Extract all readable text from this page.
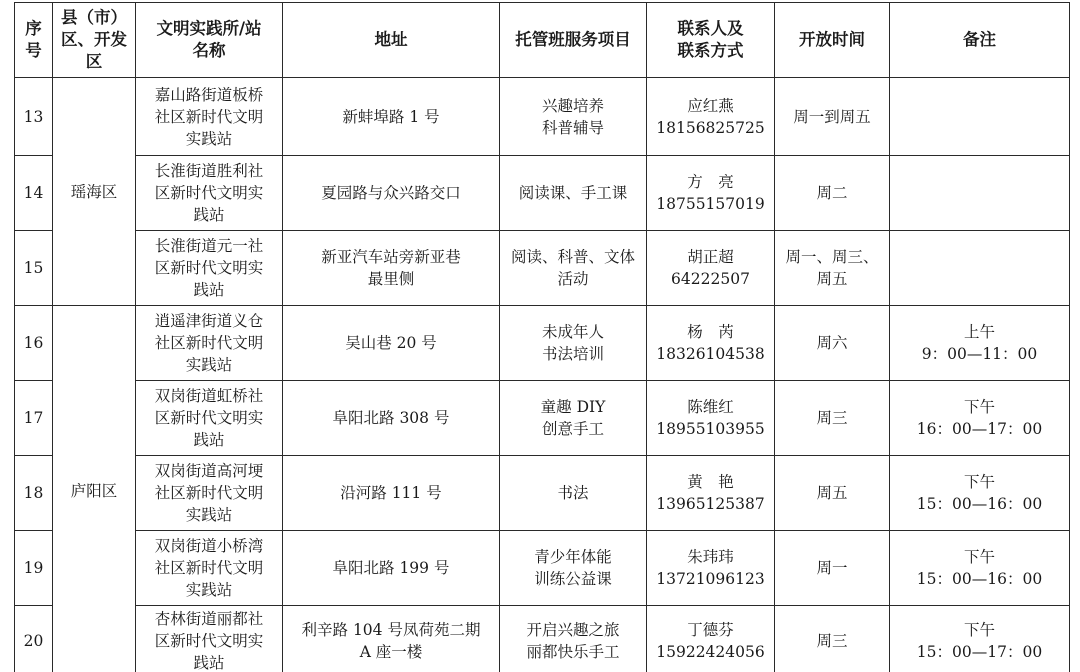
序
号	县（市）
区、开发
区	文明实践所/站
名称	地址	托管班服务项目	联系人及
联系方式	开放时间	备注
13	瑶海区	嘉山路街道板桥
社区新时代文明
实践站	新蚌埠路 1 号	兴趣培养
科普辅导	应红燕
18156825725	周一到周五	
14		长淮街道胜利社
区新时代文明实
践站	夏园路与众兴路交口	阅读课、手工课	方　亮
18755157019	周二	
15		长淮街道元一社
区新时代文明实
践站	新亚汽车站旁新亚巷
最里侧	阅读、科普、文体
活动	胡正超
64222507	周一、周三、
周五	
16	庐阳区	逍遥津街道义仓
社区新时代文明
实践站	吴山巷 20 号	未成年人
书法培训	杨　芮
18326104538	周六	上午
9：00—11：00
17		双岗街道虹桥社
区新时代文明实
践站	阜阳北路 308 号	童趣 DIY
创意手工	陈维红
18955103955	周三	下午
16：00—17：00
18		双岗街道高河埂
社区新时代文明
实践站	沿河路 111 号	书法	黄　艳
13965125387	周五	下午
15：00—16：00
19		双岗街道小桥湾
社区新时代文明
实践站	阜阳北路 199 号	青少年体能
训练公益课	朱玮玮
13721096123	周一	下午
15：00—16：00
20		杏林街道丽都社
区新时代文明实
践站	利辛路 104 号凤荷苑二期
A 座一楼	开启兴趣之旅
丽都快乐手工	丁德芬
15922424056	周三	下午
15：00—17：00
